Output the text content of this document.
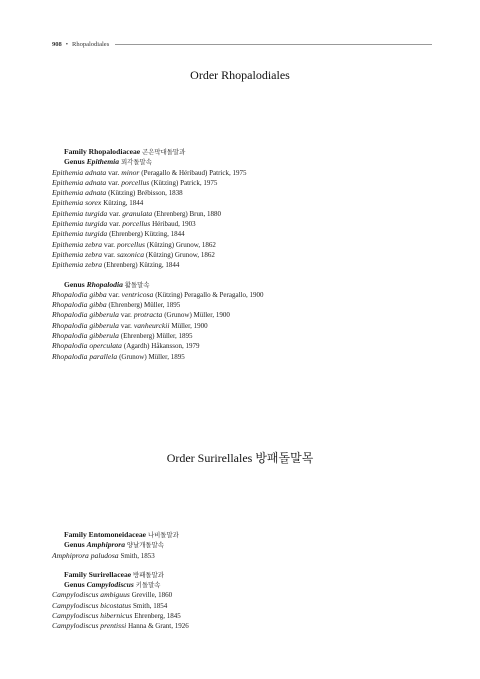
908 • Rhopalodiales
Order Rhopalodiales
Family Rhopalodiaceae 곤은막대돌말과
Genus Epithemia 꾀각돌말속
Epithemia adnata var. minor (Peragallo & Héribaud) Patrick, 1975
Epithemia adnata var. porcellus (Kützing) Patrick, 1975
Epithemia adnata (Kützing) Brébisson, 1838
Epithemia sorex Kützing, 1844
Epithemia turgida var. granulata (Ehrenberg) Brun, 1880
Epithemia turgida var. porcellus Héribaud, 1903
Epithemia turgida (Ehrenberg) Kützing, 1844
Epithemia zebra var. porcellus (Kützing) Grunow, 1862
Epithemia zebra var. saxonica (Kützing) Grunow, 1862
Epithemia zebra (Ehrenberg) Kützing, 1844
Genus Rhopalodia 활돌말속
Rhopalodia gibba var. ventricosa (Kützing) Peragallo & Peragallo, 1900
Rhopalodia gibba (Ehrenberg) Müller, 1895
Rhopalodia gibberula var. protracta (Grunow) Müller, 1900
Rhopalodia gibberula var. vanheurckii Müller, 1900
Rhopalodia gibberula (Ehrenberg) Müller, 1895
Rhopalodia operculata (Agardh) Håkansson, 1979
Rhopalodia parallela (Grunow) Müller, 1895
Order Surirellales 방패돌말목
Family Entomoneidaceae 나비돌말과
Genus Amphiprora 양날개돌말속
Amphiprora paludosa Smith, 1853
Family Surirellaceae 방패돌말과
Genus Campylodiscus 키돌말속
Campylodiscus ambiguus Greville, 1860
Campylodiscus bicostatus Smith, 1854
Campylodiscus hibernicus Ehrenberg, 1845
Campylodiscus prentissi Hanna & Grant, 1926
